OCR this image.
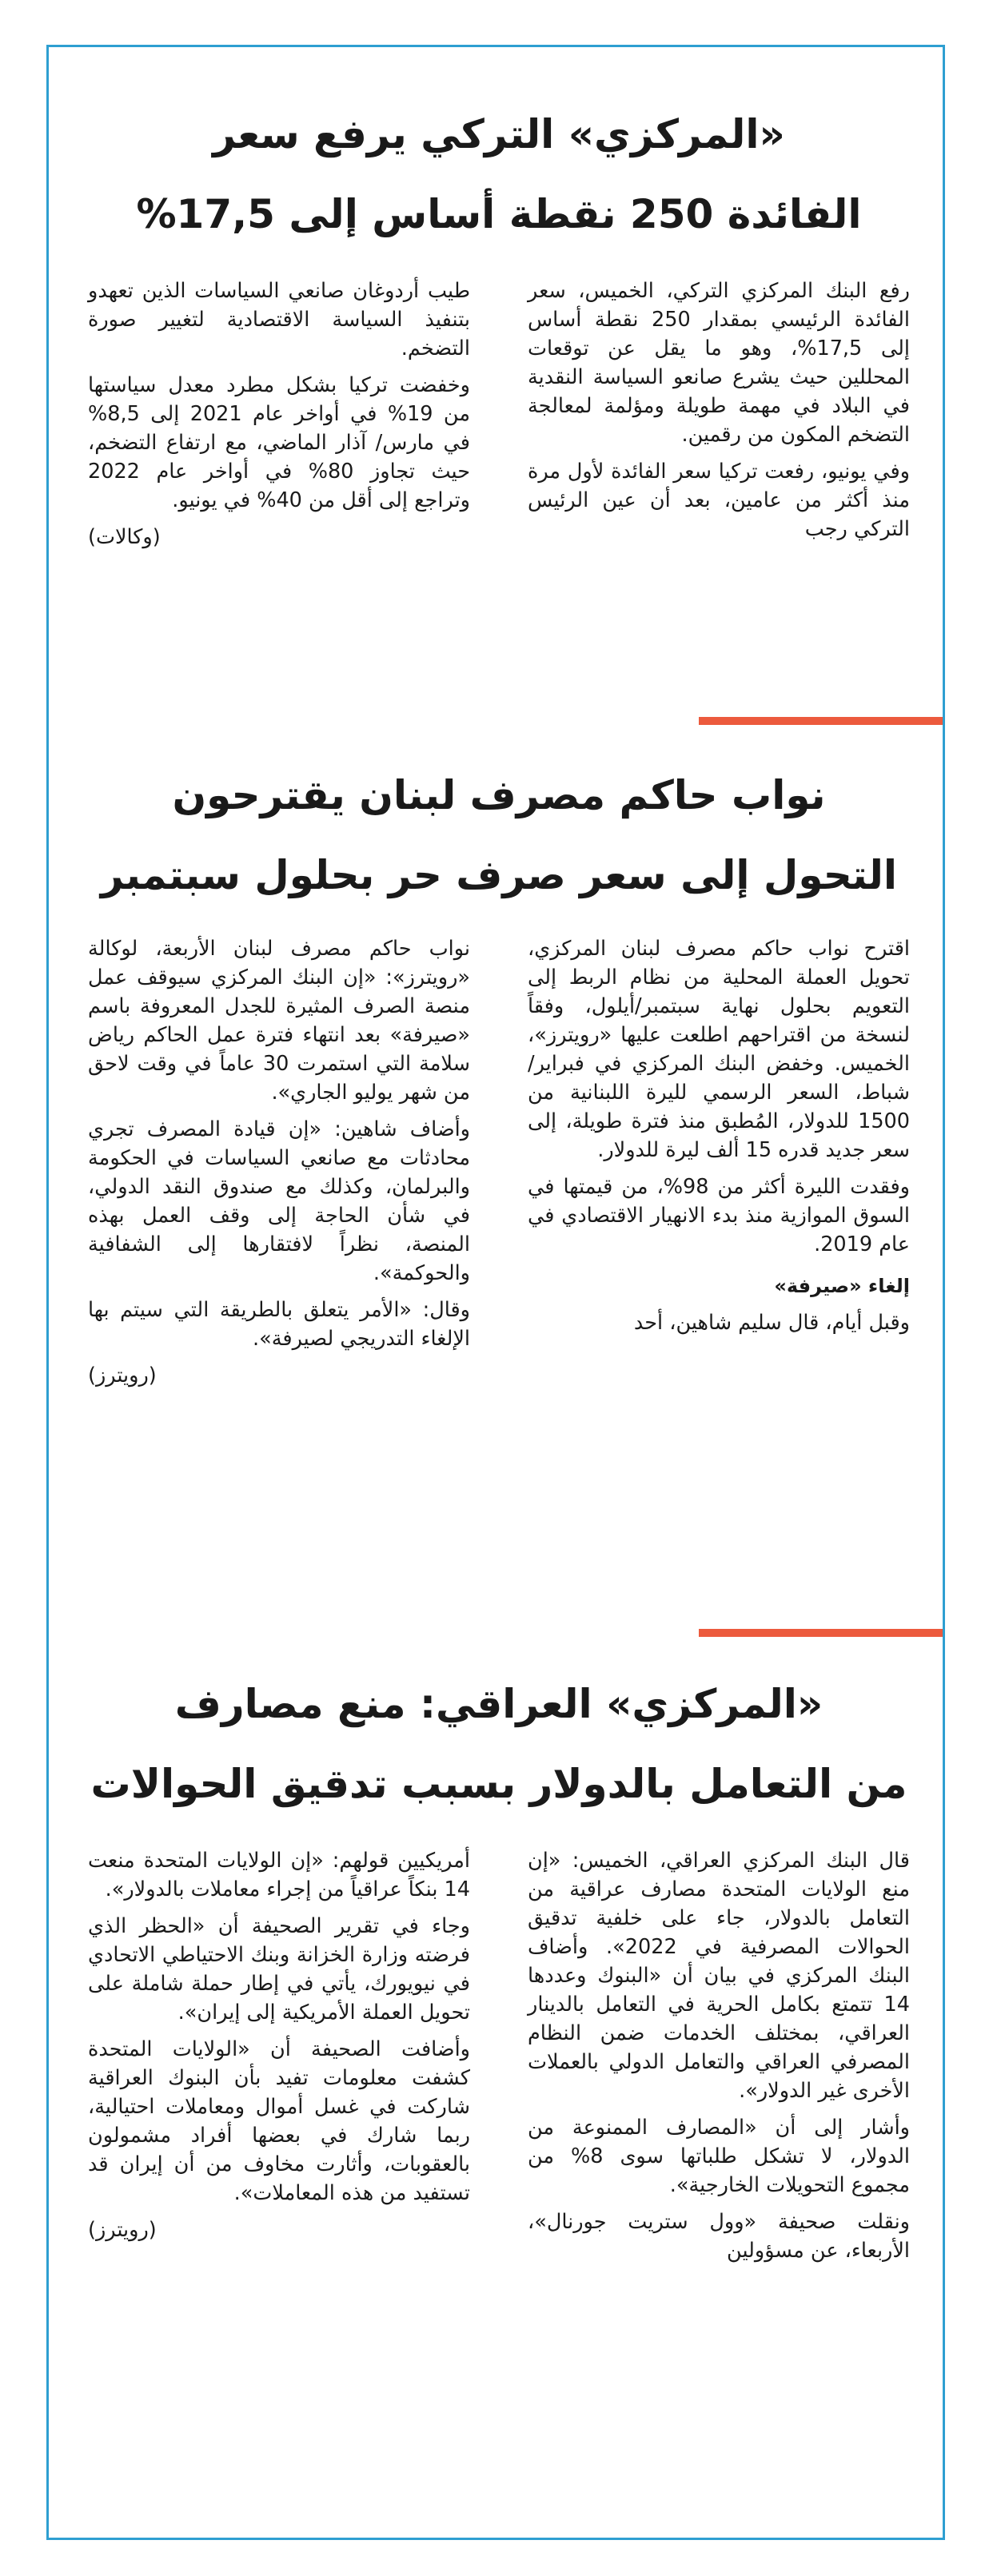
«المركزي» التركي يرفع سعر
الفائدة 250 نقطة أساس إلى 17,5%

رفع البنك المركزي التركي، الخميس، سعر الفائدة الرئيسي بمقدار 250 نقطة أساس إلى 17,5%، وهو ما يقل عن توقعات المحللين حيث يشرع صانعو السياسة النقدية في البلاد في مهمة طويلة ومؤلمة لمعالجة التضخم المكون من رقمين.

وفي يونيو، رفعت تركيا سعر الفائدة لأول مرة منذ أكثر من عامين، بعد أن عين الرئيس التركي رجب

طيب أردوغان صانعي السياسات الذين تعهدو بتنفيذ السياسة الاقتصادية لتغيير صورة التضخم.

وخفضت تركيا بشكل مطرد معدل سياستها من 19% في أواخر عام 2021 إلى 8,5% في مارس/ آذار الماضي، مع ارتفاع التضخم، حيث تجاوز 80% في أواخر عام 2022 وتراجع إلى أقل من 40% في يونيو.

(وكالات)

نواب حاكم مصرف لبنان يقترحون
التحول إلى سعر صرف حر بحلول سبتمبر

اقترح نواب حاكم مصرف لبنان المركزي، تحويل العملة المحلية من نظام الربط إلى التعويم بحلول نهاية سبتمبر/أيلول، وفقاً لنسخة من اقتراحهم اطلعت عليها «رويترز»، الخميس. وخفض البنك المركزي في فبراير/شباط، السعر الرسمي لليرة اللبنانية من 1500 للدولار، المُطبق منذ فترة طويلة، إلى سعر جديد قدره 15 ألف ليرة للدولار.

وفقدت الليرة أكثر من 98%، من قيمتها في السوق الموازية منذ بدء الانهيار الاقتصادي في عام 2019.

إلغاء «صيرفة»

وقبل أيام، قال سليم شاهين، أحد

نواب حاكم مصرف لبنان الأربعة، لوكالة «رويترز»: «إن البنك المركزي سيوقف عمل منصة الصرف المثيرة للجدل المعروفة باسم «صيرفة» بعد انتهاء فترة عمل الحاكم رياض سلامة التي استمرت 30 عاماً في وقت لاحق من شهر يوليو الجاري».

وأضاف شاهين: «إن قيادة المصرف تجري محادثات مع صانعي السياسات في الحكومة والبرلمان، وكذلك مع صندوق النقد الدولي، في شأن الحاجة إلى وقف العمل بهذه المنصة، نظراً لافتقارها إلى الشفافية والحوكمة».

وقال: «الأمر يتعلق بالطريقة التي سيتم بها الإلغاء التدريجي لصيرفة».

(رويترز)

«المركزي» العراقي: منع مصارف
من التعامل بالدولار بسبب تدقيق الحوالات

قال البنك المركزي العراقي، الخميس: «إن منع الولايات المتحدة مصارف عراقية من التعامل بالدولار، جاء على خلفية تدقيق الحوالات المصرفية في 2022». وأضاف البنك المركزي في بيان أن «البنوك وعددها 14 تتمتع بكامل الحرية في التعامل بالدينار العراقي، بمختلف الخدمات ضمن النظام المصرفي العراقي والتعامل الدولي بالعملات الأخرى غير الدولار».

وأشار إلى أن «المصارف الممنوعة من الدولار، لا تشكل طلباتها سوى 8% من مجموع التحويلات الخارجية».

ونقلت صحيفة «وول ستريت جورنال»، الأربعاء، عن مسؤولين

أمريكيين قولهم: «إن الولايات المتحدة منعت 14 بنكاً عراقياً من إجراء معاملات بالدولار».

وجاء في تقرير الصحيفة أن «الحظر الذي فرضته وزارة الخزانة وبنك الاحتياطي الاتحادي في نيويورك، يأتي في إطار حملة شاملة على تحويل العملة الأمريكية إلى إيران».

وأضافت الصحيفة أن «الولايات المتحدة كشفت معلومات تفيد بأن البنوك العراقية شاركت في غسل أموال ومعاملات احتيالية، ربما شارك في بعضها أفراد مشمولون بالعقوبات، وأثارت مخاوف من أن إيران قد تستفيد من هذه المعاملات».

(رويترز)
